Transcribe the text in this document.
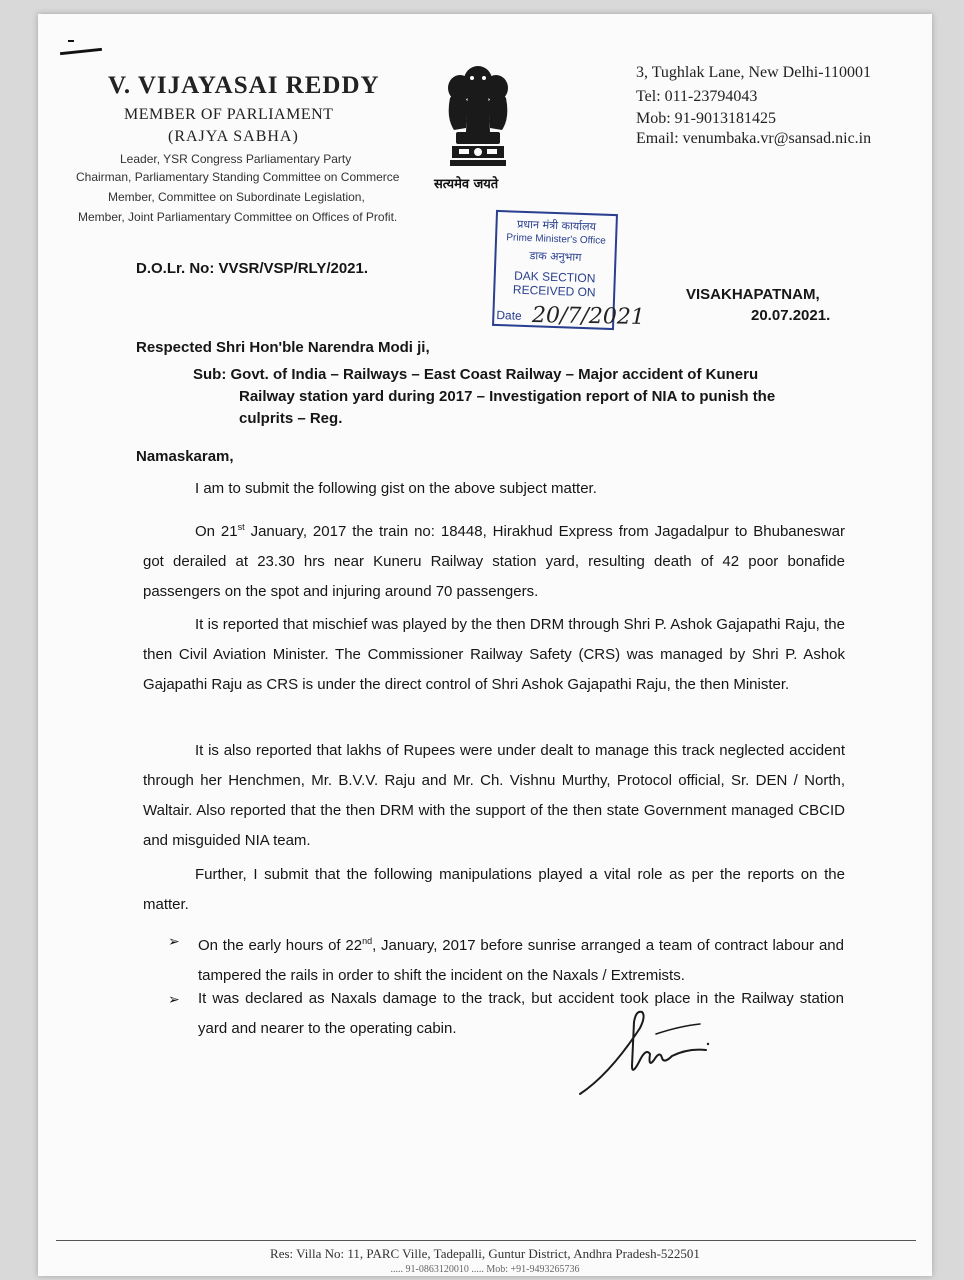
V. VIJAYASAI REDDY
MEMBER OF PARLIAMENT
(RAJYA SABHA)
Leader, YSR Congress Parliamentary Party
Chairman, Parliamentary Standing Committee on Commerce
Member, Committee on Subordinate Legislation,
Member, Joint Parliamentary Committee on Offices of Profit.
सत्यमेव जयते
3, Tughlak Lane, New Delhi-110001
Tel: 011-23794043
Mob: 91-9013181425
Email: venumbaka.vr@sansad.nic.in
प्रधान मंत्री कार्यालय
Prime Minister's Office
डाक अनुभाग
DAK SECTION
RECEIVED ON
Date 20/7/2021
D.O.Lr. No: VVSR/VSP/RLY/2021.
VISAKHAPATNAM,
20.07.2021.
Respected Shri Hon'ble Narendra Modi ji,
Sub: Govt. of India – Railways – East Coast Railway – Major accident of Kuneru
Railway station yard during 2017 – Investigation report of NIA to punish the culprits – Reg.
Namaskaram,
I am to submit the following gist on the above subject matter.
On 21st January, 2017 the train no: 18448, Hirakhud Express from Jagadalpur to Bhubaneswar got derailed at 23.30 hrs near Kuneru Railway station yard, resulting death of 42 poor bonafide passengers on the spot and injuring around 70 passengers.
It is reported that mischief was played by the then DRM through Shri P. Ashok Gajapathi Raju, the then Civil Aviation Minister. The Commissioner Railway Safety (CRS) was managed by Shri P. Ashok Gajapathi Raju as CRS is under the direct control of Shri Ashok Gajapathi Raju, the then Minister.
It is also reported that lakhs of Rupees were under dealt to manage this track neglected accident through her Henchmen, Mr. B.V.V. Raju and Mr. Ch. Vishnu Murthy, Protocol official, Sr. DEN / North, Waltair. Also reported that the then DRM with the support of the then state Government managed CBCID and misguided NIA team.
Further, I submit that the following manipulations played a vital role as per the reports on the matter.
➢	On the early hours of 22nd, January, 2017 before sunrise arranged a team of contract labour and tampered the rails in order to shift the incident on the Naxals / Extremists.
➢	It was declared as Naxals damage to the track, but accident took place in the Railway station yard and nearer to the operating cabin.
Res: Villa No: 11, PARC Ville, Tadepalli, Guntur District, Andhra Pradesh-522501
..... 91-0863120010 ..... Mob: +91-9493265736
